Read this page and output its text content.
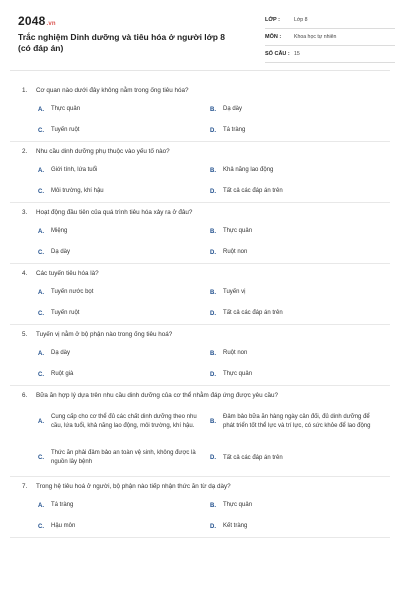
2048.vn
Trắc nghiệm Dinh dưỡng và tiêu hóa ở người lớp 8 (có đáp án)
LỚP :	Lớp 8
MÔN :	Khoa học tự nhiên
SỐ CÂU : 15
1.	Cơ quan nào dưới đây không nằm trong ống tiêu hóa?
A.	Thực quản	B.	Dạ dày
C.	Tuyến ruột	D.	Tá tràng
2.	Nhu cầu dinh dưỡng phụ thuộc vào yếu tố nào?
A.	Giới tính, lứa tuổi	B.	Khả năng lao động
C.	Môi trường, khí hậu	D.	Tất cả các đáp án trên
3.	Hoạt động đầu tiên của quá trình tiêu hóa xảy ra ở đâu?
A.	Miệng	B.	Thực quản
C.	Dạ dày	D.	Ruột non
4.	Các tuyến tiêu hóa là?
A.	Tuyến nước bọt	B.	Tuyến vị
C.	Tuyến ruột	D.	Tất cả các đáp án trên
5.	Tuyến vị nằm ở bộ phận nào trong ống tiêu hoá?
A.	Dạ dày	B.	Ruột non
C.	Ruột già	D.	Thực quản
6.	Bữa ăn hợp lý dựa trên nhu cầu dinh dưỡng của cơ thể nhằm đáp ứng được yêu cầu?
A.
Cung cấp cho cơ thể đủ các chất dinh dưỡng theo nhu cầu, lứa tuổi, khả năng lao động, môi trường, khí hậu.
B.
Đảm bảo bữa ăn hàng ngày cân đối, đủ dinh dưỡng để phát triển tốt thể lực và trí lực, có sức khỏe để lao động
C.
Thức ăn phải đảm bảo an toàn vệ sinh, không được là nguồn lây bệnh
D.	Tất cả các đáp án trên
7.	Trong hệ tiêu hoá ở người, bộ phận nào tiếp nhận thức ăn từ dạ dày?
A.	Tá tràng	B.	Thực quản
C.	Hậu môn	D.	Kết tràng
